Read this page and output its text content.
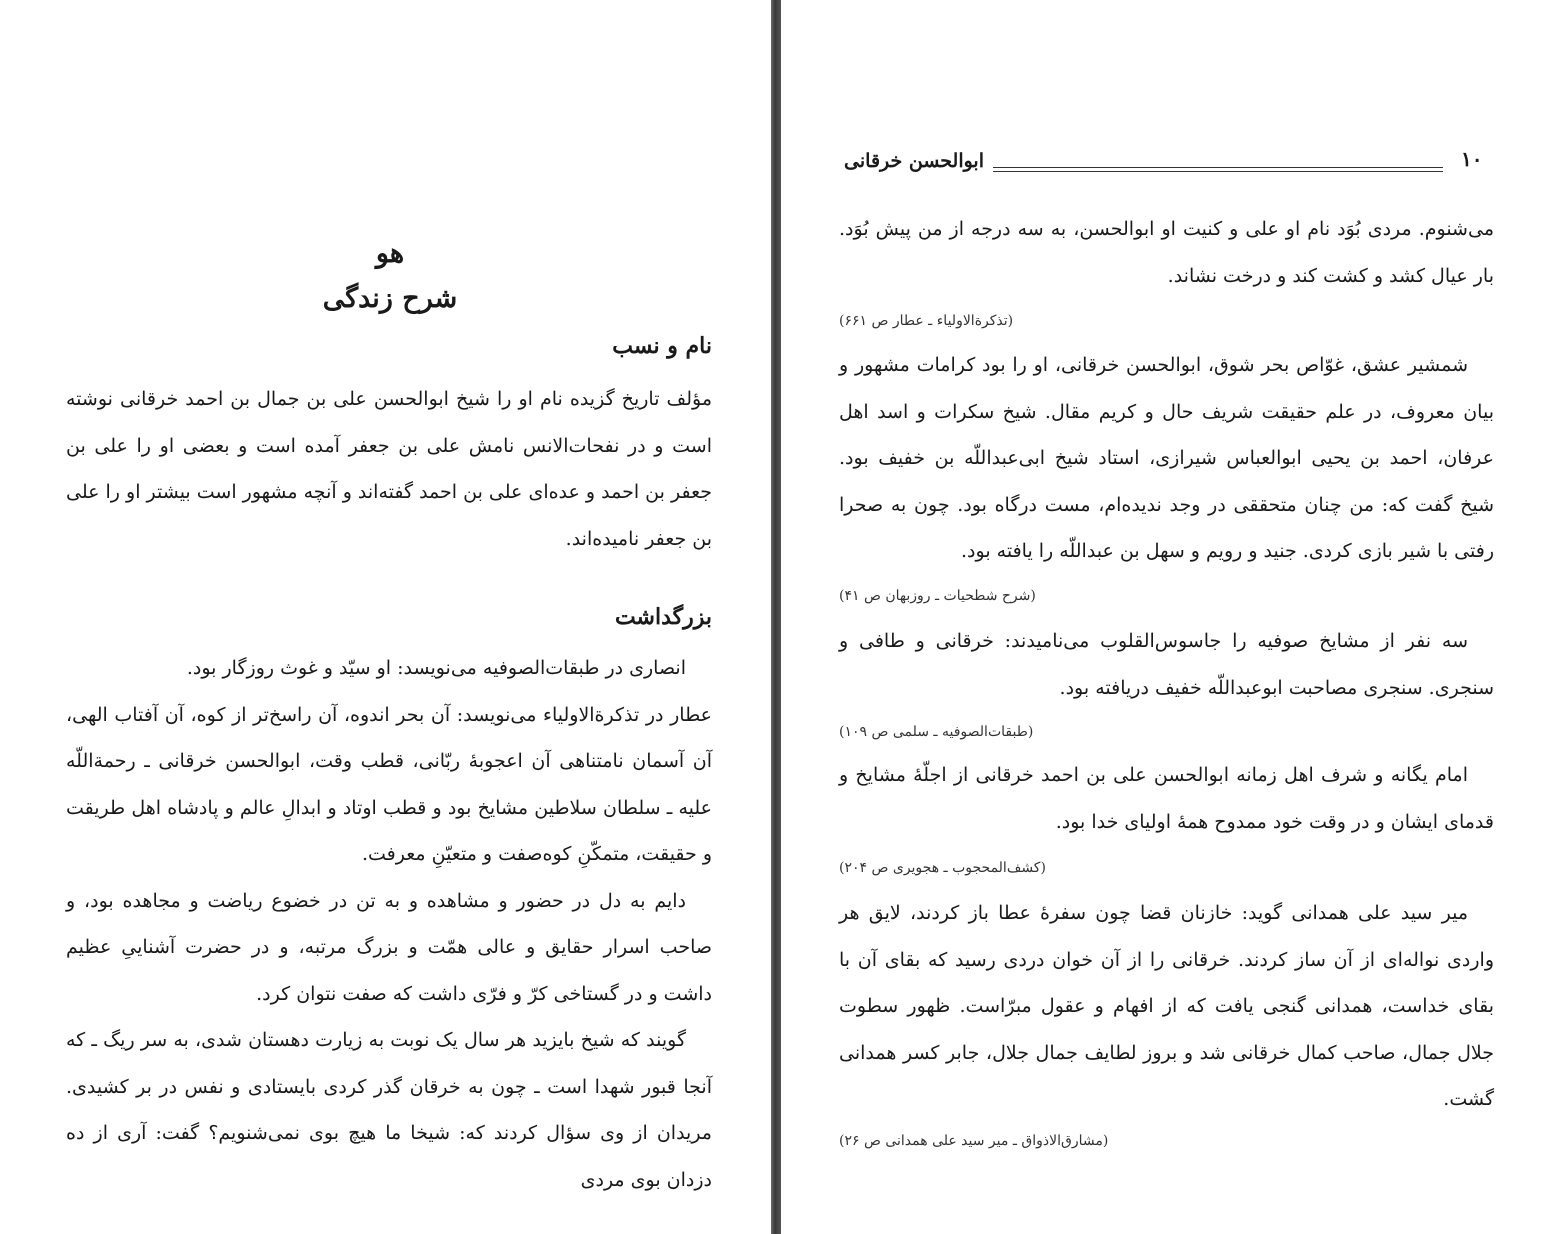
هو
شرح زندگی
نام و نسب
مؤلف تاریخ گزیده نام او را شیخ ابوالحسن علی بن جمال بن احمد خرقانی نوشته است و در نفحات‌الانس نامش علی بن جعفر آمده است و بعضی او را علی بن جعفر بن احمد و عده‌ای علی بن احمد گفته‌اند و آنچه مشهور است بیشتر او را علی بن جعفر نامیده‌اند.
بزرگداشت

انصاری در طبقات‌الصوفیه می‌نویسد: او سیّد و غوث روزگار بود.

عطار در تذکرةالاولیاء می‌نویسد: آن بحر اندوه، آن راسخ‌تر از کوه، آن آفتاب الهی، آن آسمان نامتناهی آن اعجوبهٔ ربّانی، قطب وقت، ابوالحسن خرقانی ـ رحمةاللّه علیه ـ سلطان سلاطین مشایخ بود و قطب اوتاد و ابدالِ عالم و پادشاه اهل طریقت و حقیقت، متمکّنِ کوه‌صفت و متعیّنِ معرفت.

دایم به دل در حضور و مشاهده و به تن در خضوع ریاضت و مجاهده بود، و صاحب اسرار حقایق و عالی همّت و بزرگ مرتبه، و در حضرت آشناییِ عظیم داشت و در گستاخی کرّ و فرّی داشت که صفت نتوان کرد.

گویند که شیخ بایزید هر سال یک نوبت به زیارت دهستان شدی، به سر ریگ ـ که آنجا قبور شهدا است ـ چون به خرقان گذر کردی بایستادی و نفس در بر کشیدی. مریدان از وی سؤال کردند که: شیخا ما هیچ بوی نمی‌شنویم؟ گفت: آری از ده دزدان بوی مردی

۱۰
ابوالحسن خرقانی
می‌شنوم. مردی بُوَد نام او علی و کنیت او ابوالحسن، به سه درجه از من پیش بُوَد. بار عیال کشد و کشت کند و درخت نشاند.
(تذکرةالاولیاء ـ عطار ص ۶۶۱)
شمشیر عشق، غوّاص بحر شوق، ابوالحسن خرقانی، او را بود کرامات مشهور و بیان معروف، در علم حقیقت شریف حال و کریم مقال. شیخ سکرات و اسد اهل عرفان، احمد بن یحیی ابوالعباس شیرازی، استاد شیخ ابی‌عبداللّه بن خفیف بود. شیخ گفت که: من چنان متحققی در وجد ندیده‌ام، مست درگاه بود. چون به صحرا رفتی با شیر بازی کردی. جنید و رویم و سهل بن عبداللّه را یافته بود.
(شرح شطحیات ـ روزبهان ص ۴۱)
سه نفر از مشایخ صوفیه را جاسوس‌القلوب می‌نامیدند: خرقانی و طافی و سنجری. سنجری مصاحبت ابوعبداللّه خفیف دریافته بود.
(طبقات‌الصوفیه ـ سلمی ص ۱۰۹)
امام یگانه و شرف اهل زمانه ابوالحسن علی بن احمد خرقانی از اجلّهٔ مشایخ و قدمای ایشان و در وقت خود ممدوح همهٔ اولیای خدا بود.
(کشف‌المحجوب ـ هجویری ص ۲۰۴)
میر سید علی همدانی گوید: خازنان قضا چون سفرهٔ عطا باز کردند، لایق هر واردی نواله‌ای از آن ساز کردند. خرقانی را از آن خوان دردی رسید که بقای آن با بقای خداست، همدانی گنجی یافت که از افهام و عقول مبرّاست. ظهور سطوت جلال جمال، صاحب کمال خرقانی شد و بروز لطایف جمال جلال، جابر کسر همدانی گشت.
(مشارق‌الاذواق ـ میر سید علی همدانی ص ۲۶)
